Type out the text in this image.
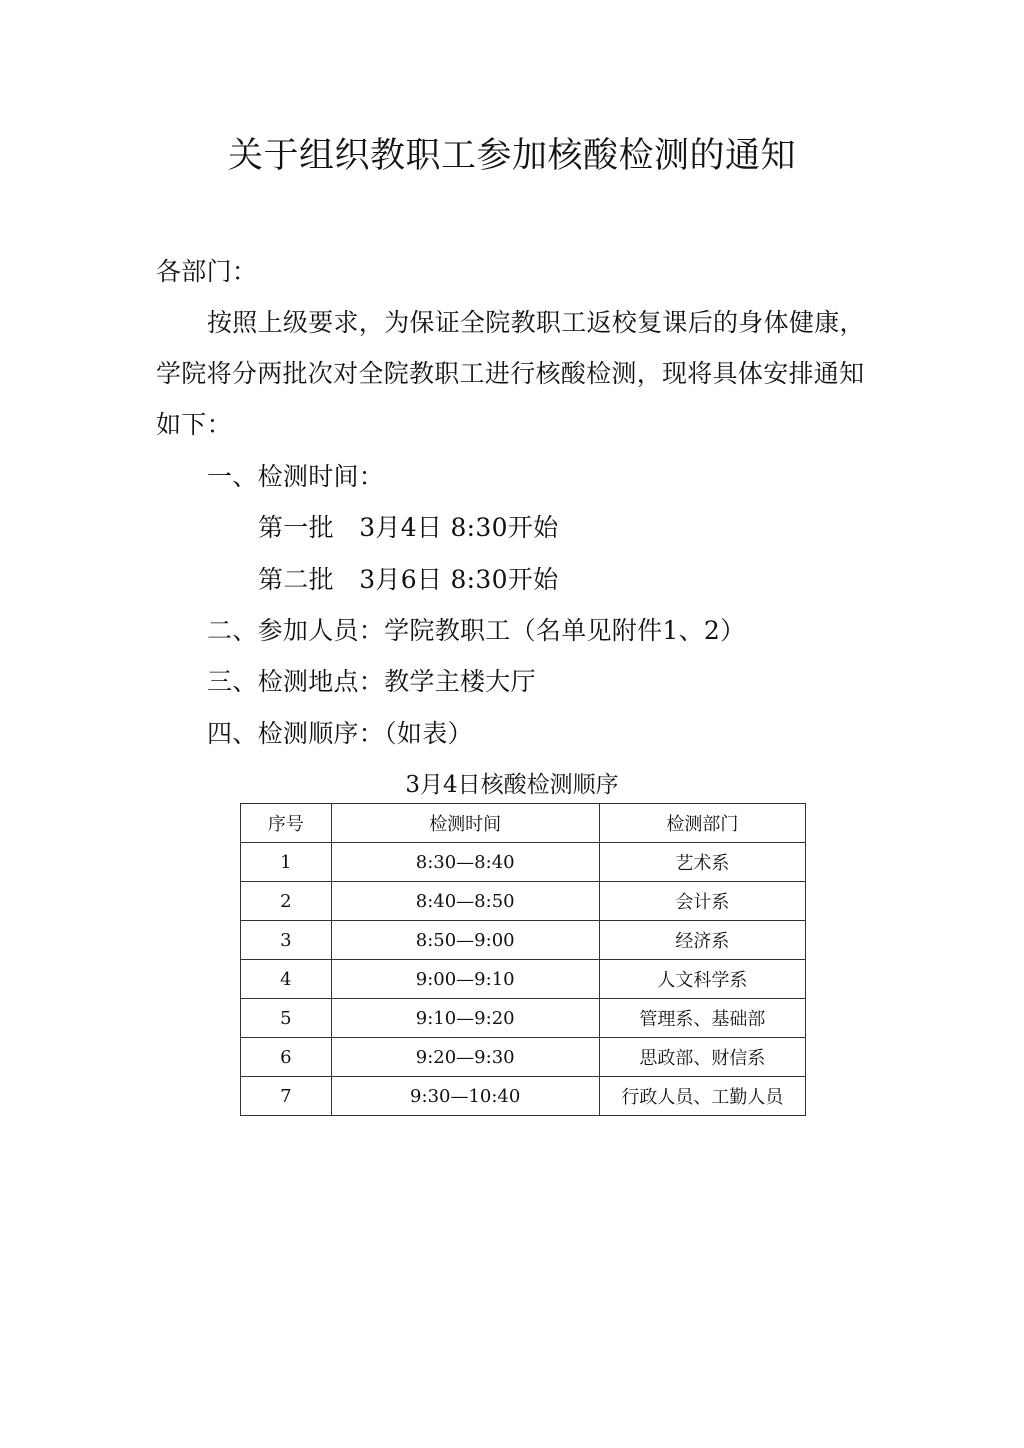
关于组织教职工参加核酸检测的通知
各部门：
按照上级要求，为保证全院教职工返校复课后的身体健康，
学院将分两批次对全院教职工进行核酸检测，现将具体安排通知
如下：
一、检测时间：
第一批　3月4日 8:30开始
第二批　3月6日 8:30开始
二、参加人员：学院教职工（名单见附件1、2）
三、检测地点：教学主楼大厅
四、检测顺序：（如表）
3月4日核酸检测顺序
序号	检测时间	检测部门
1	8:30—8:40	艺术系
2	8:40—8:50	会计系
3	8:50—9:00	经济系
4	9:00—9:10	人文科学系
5	9:10—9:20	管理系、基础部
6	9:20—9:30	思政部、财信系
7	9:30—10:40	行政人员、工勤人员
